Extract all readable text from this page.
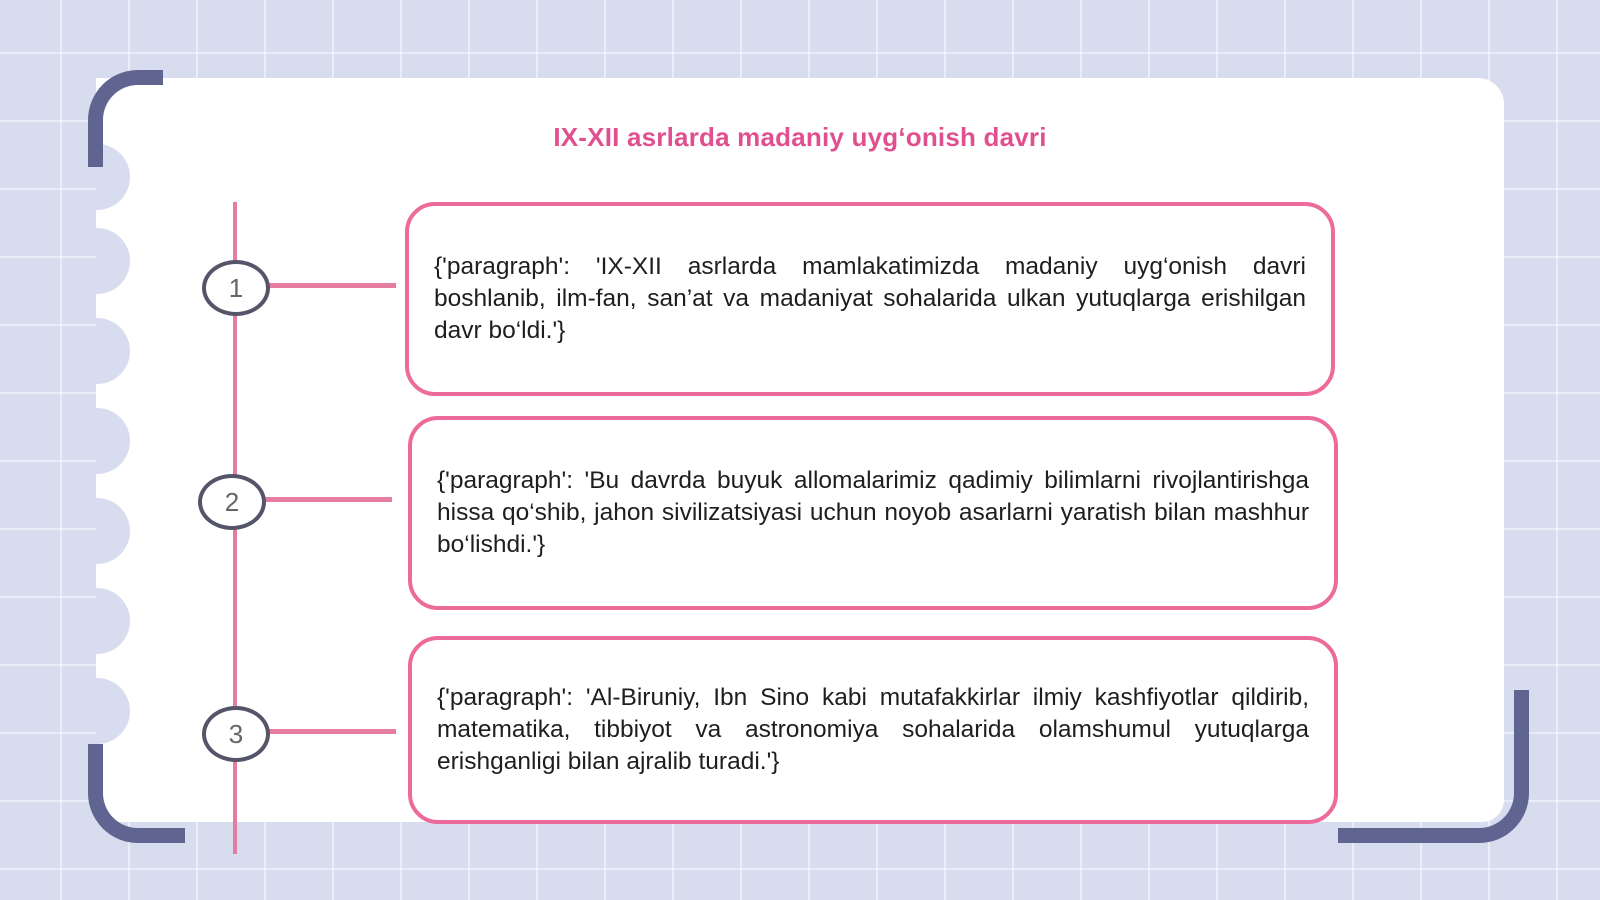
IX-XII asrlarda madaniy uyg‘onish davri
1
2
3
{'paragraph': 'IX-XII asrlarda mamlakatimizda madaniy uyg‘onish davri boshlanib, ilm-fan, san’at va madaniyat sohalarida ulkan yutuqlarga erishilgan davr bo‘ldi.'}
{'paragraph': 'Bu davrda buyuk allomalarimiz qadimiy bilimlarni rivojlantirishga hissa qo‘shib, jahon sivilizatsiyasi uchun noyob asarlarni yaratish bilan mashhur bo‘lishdi.'}
{'paragraph': 'Al-Biruniy, Ibn Sino kabi mutafakkirlar ilmiy kashfiyotlar qildirib, matematika, tibbiyot va astronomiya sohalarida olamshumul yutuqlarga erishganligi bilan ajralib turadi.'}
